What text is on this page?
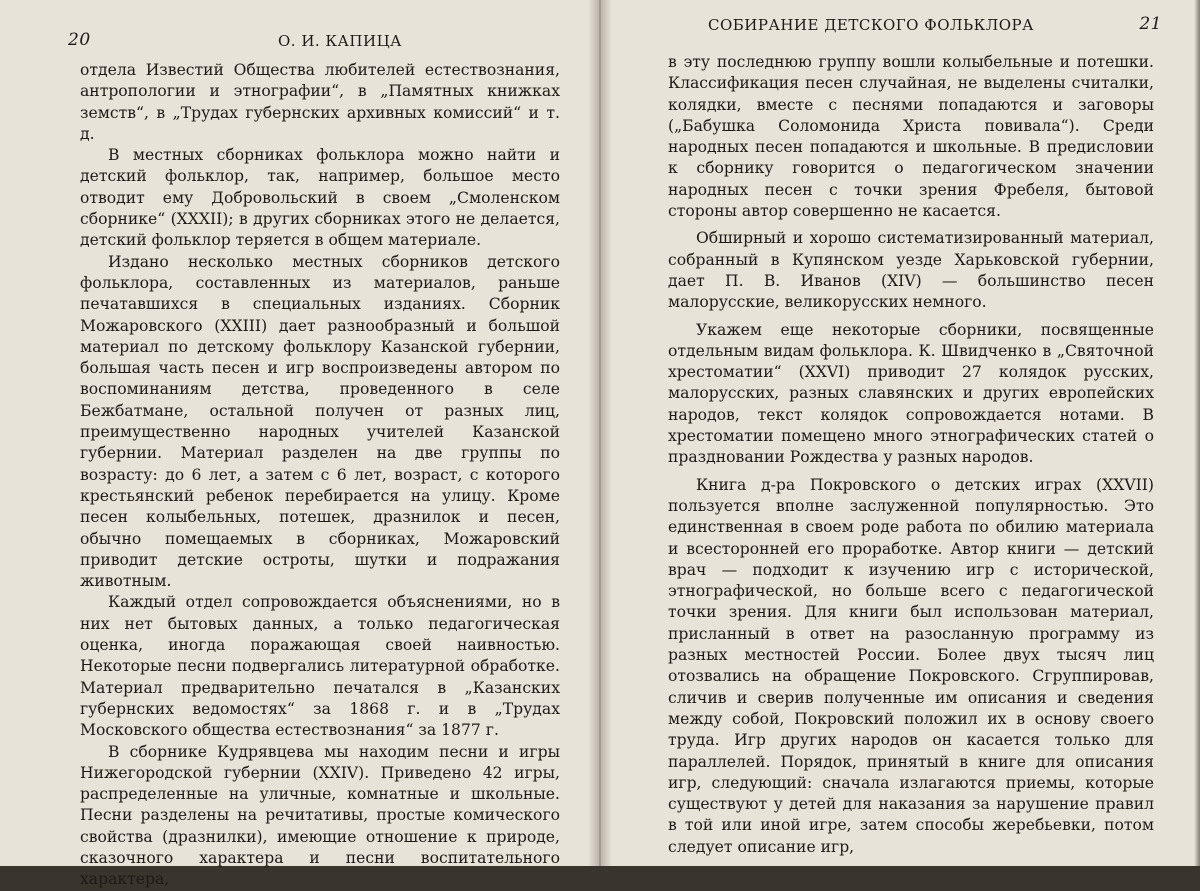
20	О. И. КАПИЦА

отдела Известий Общества любителей естествознания, антропологии и этнографии“, в „Памятных книжках земств“, в „Трудах губернских архивных комиссий“ и т. д.

В местных сборниках фольклора можно найти и детский фольклор, так, например, большое место отводит ему Добровольский в своем „Смоленском сборнике“ (XXXII); в других сборниках этого не делается, детский фольклор теряется в общем материале.

Издано несколько местных сборников детского фольклора, составленных из материалов, раньше печатавшихся в специальных изданиях. Сборник Можаровского (XXIII) дает разнообразный и большой материал по детскому фольклору Казанской губернии, большая часть песен и игр воспроизведены автором по воспоминаниям детства, проведенного в селе Бежбатмане, остальной получен от разных лиц, преимущественно народных учителей Казанской губернии. Материал разделен на две группы по возрасту: до 6 лет, а затем с 6 лет, возраст, с которого крестьянский ребенок перебирается на улицу. Кроме песен колыбельных, потешек, дразнилок и песен, обычно помещаемых в сборниках, Можаровский приводит детские остроты, шутки и подражания животным.

Каждый отдел сопровождается объяснениями, но в них нет бытовых данных, а только педагогическая оценка, иногда поражающая своей наивностью. Некоторые песни подвергались литературной обработке. Материал предварительно печатался в „Казанских губернских ведомостях“ за 1868 г. и в „Трудах Московского общества естествознания“ за 1877 г.

В сборнике Кудрявцева мы находим песни и игры Нижегородской губернии (XXIV). Приведено 42 игры, распределенные на уличные, комнатные и школьные. Песни разделены на речитативы, простые комического свойства (дразнилки), имеющие отношение к природе, сказочного характера и песни воспитательного характера,

СОБИРАНИЕ ДЕТСКОГО ФОЛЬКЛОРА	21

в эту последнюю группу вошли колыбельные и потешки. Классификация песен случайная, не выделены считалки, колядки, вместе с песнями попадаются и заговоры („Бабушка Соломонида Христа повивала“). Среди народных песен попадаются и школьные. В предисловии к сборнику говорится о педагогическом значении народных песен с точки зрения Фребеля, бытовой стороны автор совершенно не касается.

Обширный и хорошо систематизированный материал, собранный в Купянском уезде Харьковской губернии, дает П. В. Иванов (XIV) — большинство песен малорусские, великорусских немного.

Укажем еще некоторые сборники, посвященные отдельным видам фольклора. К. Швидченко в „Святочной хрестоматии“ (XXVI) приводит 27 колядок русских, малорусских, разных славянских и других европейских народов, текст колядок сопровождается нотами. В хрестоматии помещено много этнографических статей о праздновании Рождества у разных народов.

Книга д-ра Покровского о детских играх (XXVII) пользуется вполне заслуженной популярностью. Это единственная в своем роде работа по обилию материала и всесторонней его проработке. Автор книги — детский врач — подходит к изучению игр с исторической, этнографической, но больше всего с педагогической точки зрения. Для книги был использован материал, присланный в ответ на разосланную программу из разных местностей России. Более двух тысяч лиц отозвались на обращение Покровского. Сгруппировав, сличив и сверив полученные им описания и сведения между собой, Покровский положил их в основу своего труда. Игр других народов он касается только для параллелей. Порядок, принятый в книге для описания игр, следующий: сначала излагаются приемы, которые существуют у детей для наказания за нарушение правил в той или иной игре, затем способы жеребьевки, потом следует описание игр,
